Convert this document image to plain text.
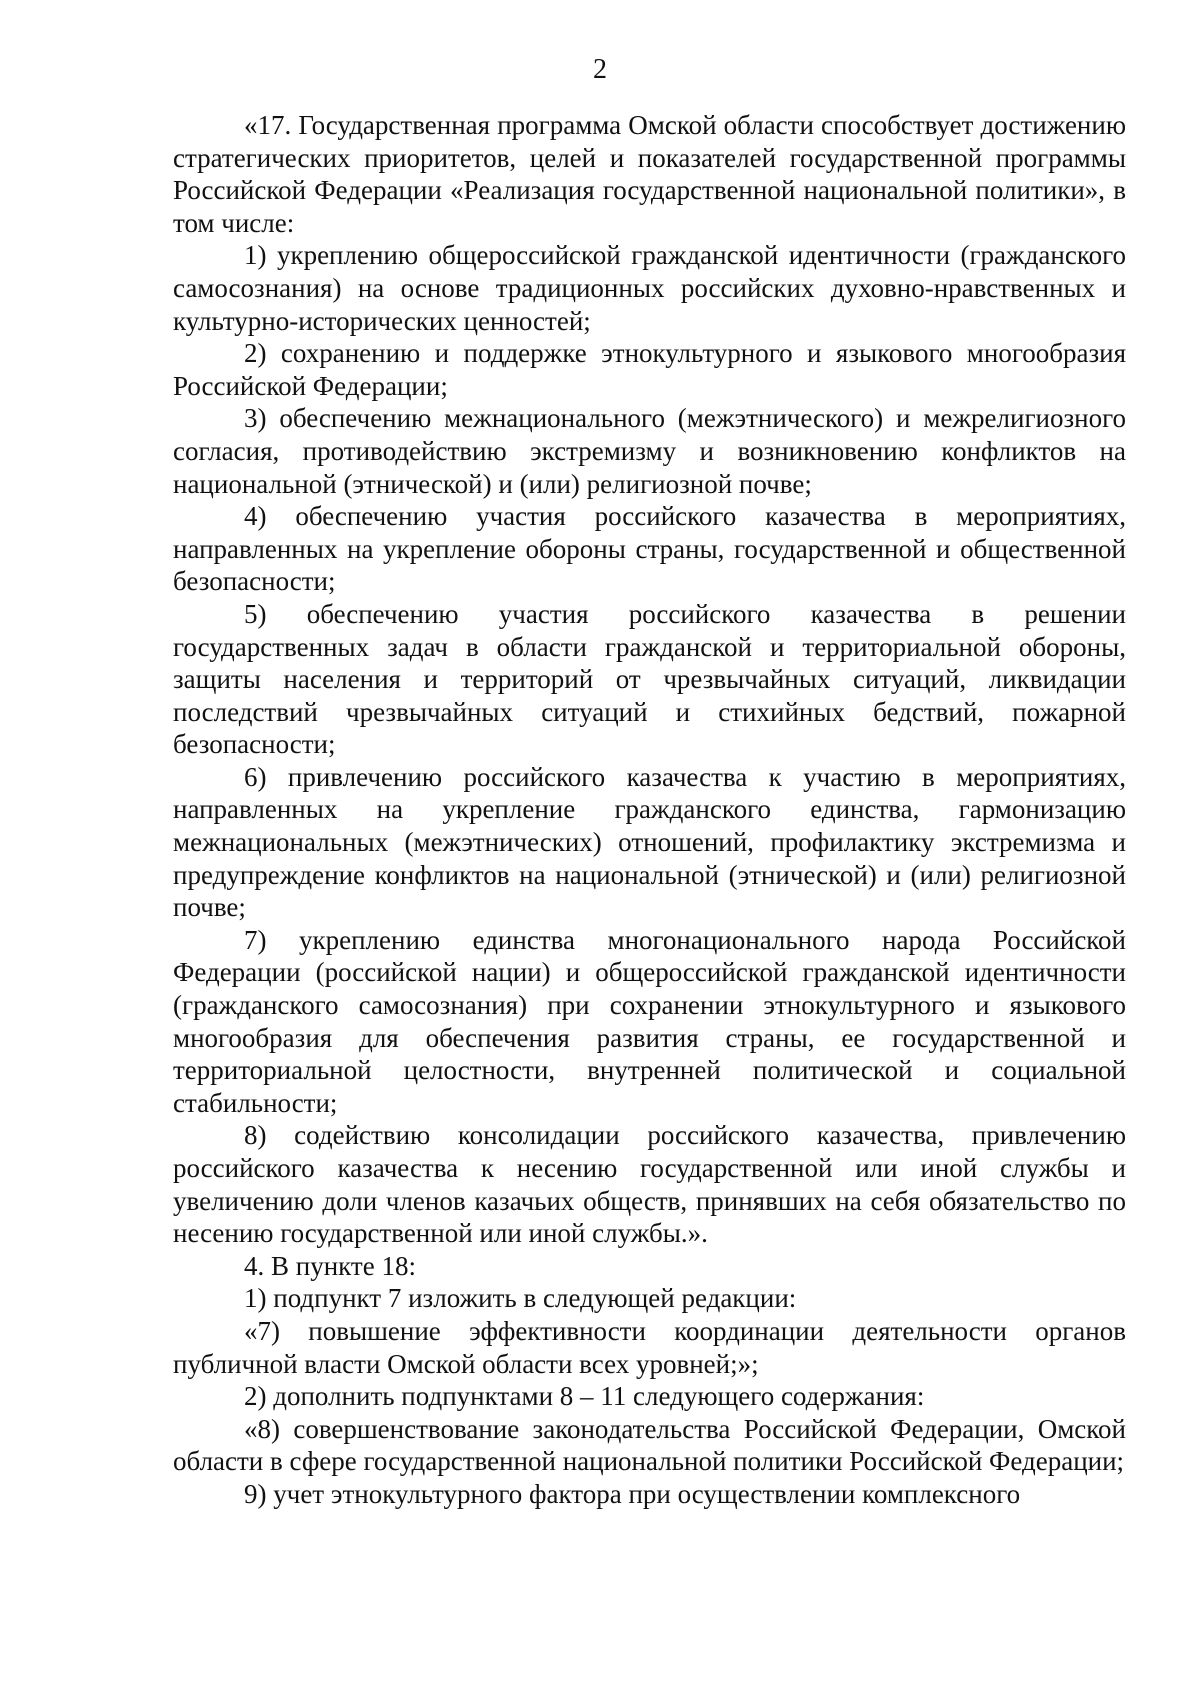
2

«17. Государственная программа Омской области способствует достижению стратегических приоритетов, целей и показателей государственной программы Российской Федерации «Реализация государственной национальной политики», в том числе:

1) укреплению общероссийской гражданской идентичности (гражданского самосознания) на основе традиционных российских духовно-нравственных и культурно-исторических ценностей;

2) сохранению и поддержке этнокультурного и языкового многообразия Российской Федерации;

3) обеспечению межнационального (межэтнического) и межрелигиозного согласия, противодействию экстремизму и возникновению конфликтов на национальной (этнической) и (или) религиозной почве;

4) обеспечению участия российского казачества в мероприятиях, направленных на укрепление обороны страны, государственной и общественной безопасности;

5) обеспечению участия российского казачества в решении государственных задач в области гражданской и территориальной обороны, защиты населения и территорий от чрезвычайных ситуаций, ликвидации последствий чрезвычайных ситуаций и стихийных бедствий, пожарной безопасности;

6) привлечению российского казачества к участию в мероприятиях, направленных на укрепление гражданского единства, гармонизацию межнациональных (межэтнических) отношений, профилактику экстремизма и предупреждение конфликтов на национальной (этнической) и (или) религиозной почве;

7) укреплению единства многонационального народа Российской Федерации (российской нации) и общероссийской гражданской идентичности (гражданского самосознания) при сохранении этнокультурного и языкового многообразия для обеспечения развития страны, ее государственной и территориальной целостности, внутренней политической и социальной стабильности;

8) содействию консолидации российского казачества, привлечению российского казачества к несению государственной или иной службы и увеличению доли членов казачьих обществ, принявших на себя обязательство по несению государственной или иной службы.».

4. В пункте 18:

1) подпункт 7 изложить в следующей редакции:

«7) повышение эффективности координации деятельности органов публичной власти Омской области всех уровней;»;

2) дополнить подпунктами 8 – 11 следующего содержания:

«8) совершенствование законодательства Российской Федерации, Омской области в сфере государственной национальной политики Российской Федерации;

9) учет этнокультурного фактора при осуществлении комплексного
